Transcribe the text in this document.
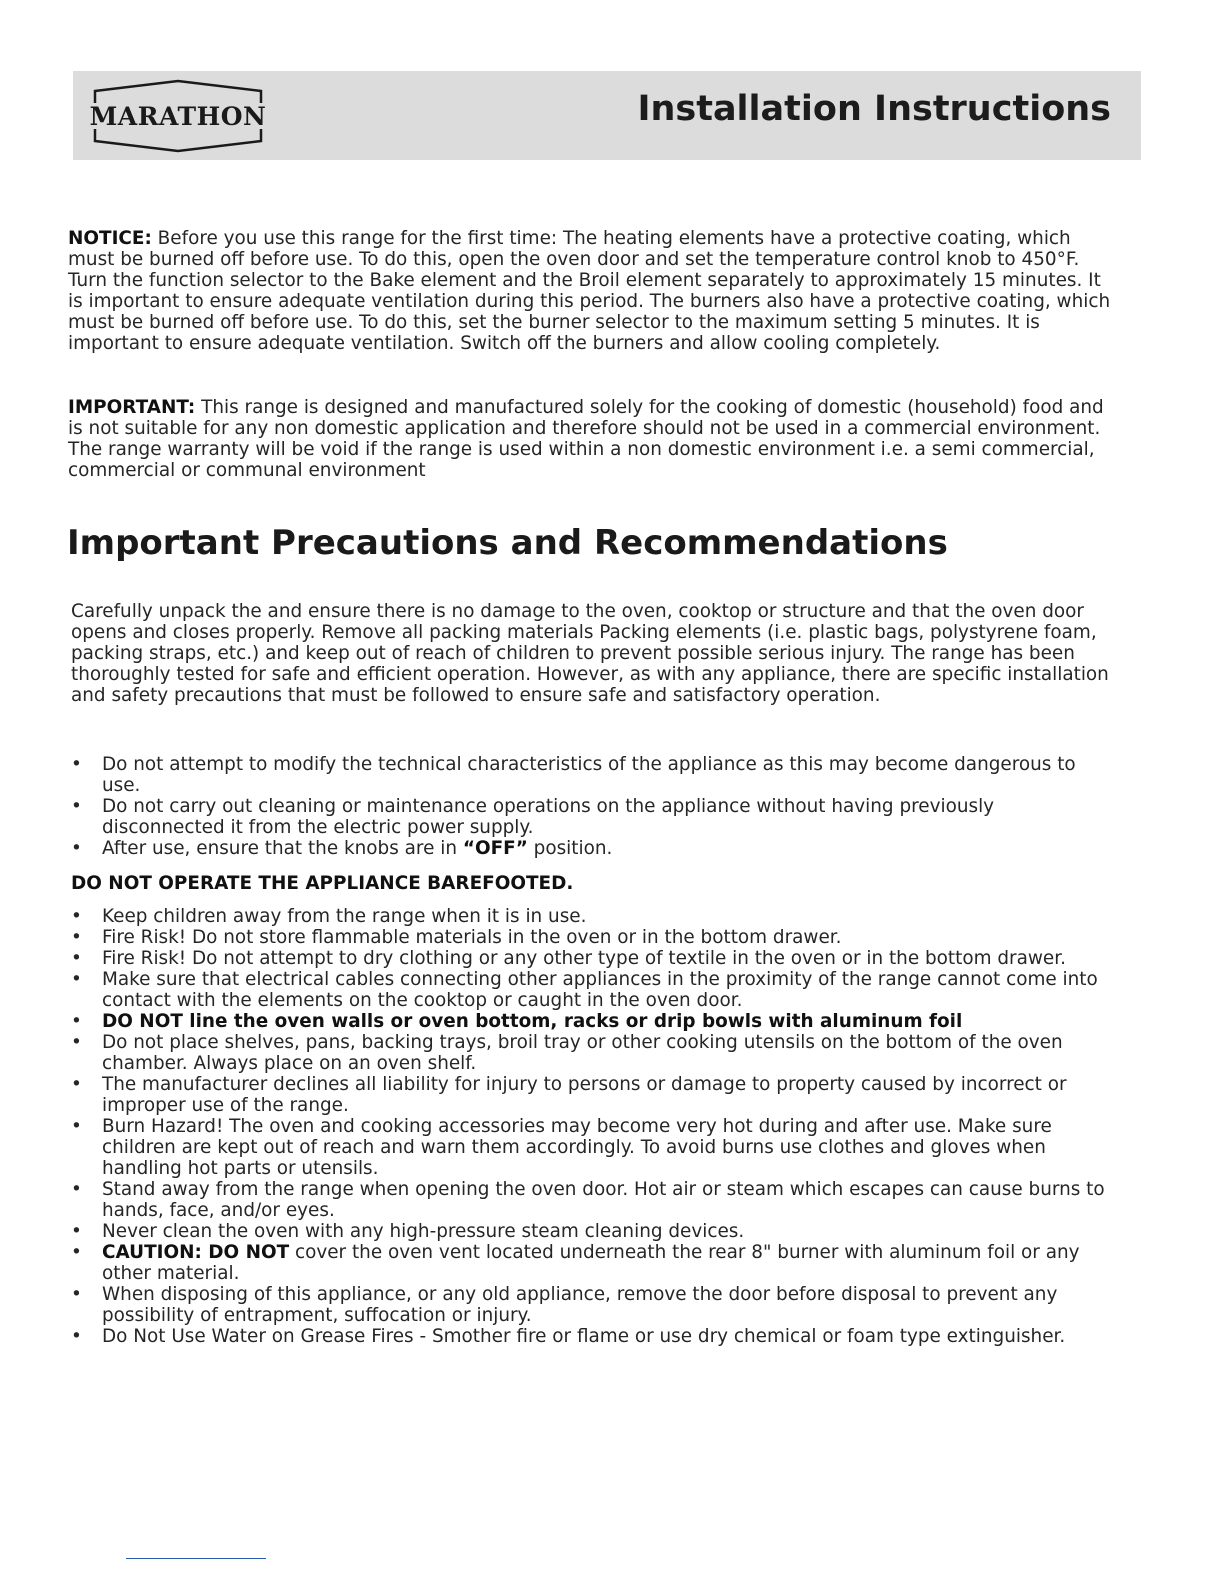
MARATHON	Installation Instructions

NOTICE: Before you use this range for the first time: The heating elements have a protective coating, which must be burned off before use. To do this, open the oven door and set the temperature control knob to 450°F. Turn the function selector to the Bake element and the Broil element separately to approximately 15 minutes. It is important to ensure adequate ventilation during this period. The burners also have a protective coating, which must be burned off before use. To do this, set the burner selector to the maximum setting 5 minutes. It is important to ensure adequate ventilation. Switch off the burners and allow cooling completely.

IMPORTANT: This range is designed and manufactured solely for the cooking of domestic (household) food and is not suitable for any non domestic application and therefore should not be used in a commercial environment. The range warranty will be void if the range is used within a non domestic environment i.e. a semi commercial, commercial or communal environment

Important Precautions and Recommendations

Carefully unpack the and ensure there is no damage to the oven, cooktop or structure and that the oven door opens and closes properly. Remove all packing materials Packing elements (i.e. plastic bags, polystyrene foam, packing straps, etc.) and keep out of reach of children to prevent possible serious injury. The range has been thoroughly tested for safe and efficient operation. However, as with any appliance, there are specific installation and safety precautions that must be followed to ensure safe and satisfactory operation.

• Do not attempt to modify the technical characteristics of the appliance as this may become dangerous to use.
• Do not carry out cleaning or maintenance operations on the appliance without having previously disconnected it from the electric power supply.
• After use, ensure that the knobs are in “OFF” position.
DO NOT OPERATE THE APPLIANCE BAREFOOTED.
• Keep children away from the range when it is in use.
• Fire Risk! Do not store flammable materials in the oven or in the bottom drawer.
• Fire Risk! Do not attempt to dry clothing or any other type of textile in the oven or in the bottom drawer.
• Make sure that electrical cables connecting other appliances in the proximity of the range cannot come into contact with the elements on the cooktop or caught in the oven door.
• DO NOT line the oven walls or oven bottom, racks or drip bowls with aluminum foil
• Do not place shelves, pans, backing trays, broil tray or other cooking utensils on the bottom of the oven chamber. Always place on an oven shelf.
• The manufacturer declines all liability for injury to persons or damage to property caused by incorrect or improper use of the range.
• Burn Hazard! The oven and cooking accessories may become very hot during and after use. Make sure children are kept out of reach and warn them accordingly. To avoid burns use clothes and gloves when handling hot parts or utensils.
• Stand away from the range when opening the oven door. Hot air or steam which escapes can cause burns to hands, face, and/or eyes.
• Never clean the oven with any high-pressure steam cleaning devices.
• CAUTION: DO NOT cover the oven vent located underneath the rear 8" burner with aluminum foil or any other material.
• When disposing of this appliance, or any old appliance, remove the door before disposal to prevent any possibility of entrapment, suffocation or injury.
• Do Not Use Water on Grease Fires - Smother fire or flame or use dry chemical or foam type extinguisher.
